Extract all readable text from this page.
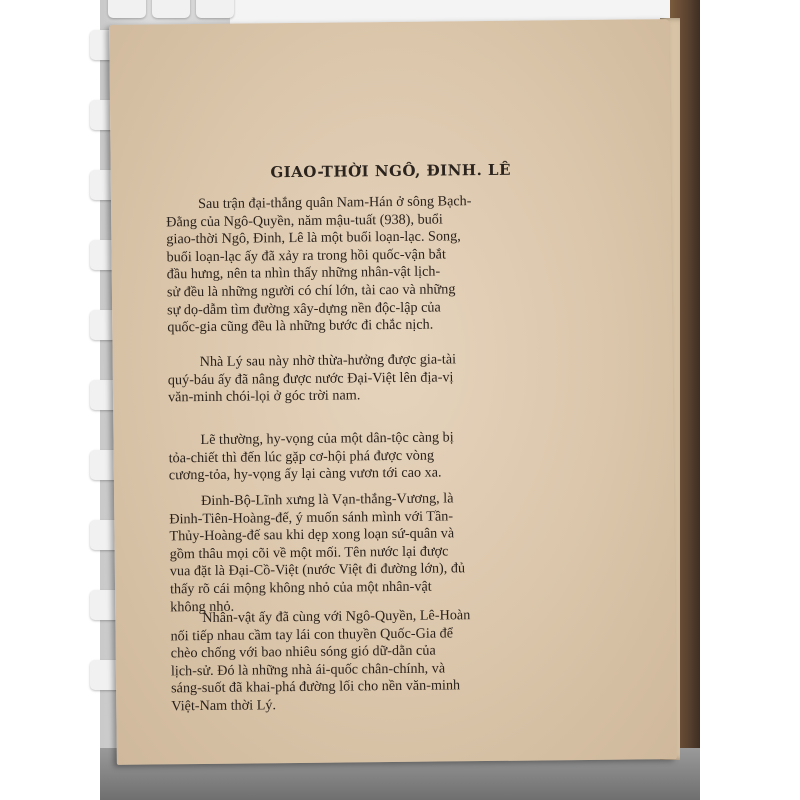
GIAO-THỜI NGÔ, ĐINH. LÊ
Sau trận đại-thắng quân Nam-Hán ở sông Bạch-
Đằng của Ngô-Quyền, năm mậu-tuất (938), buổi
giao-thời Ngô, Đinh, Lê là một buổi loạn-lạc. Song,
buổi loạn-lạc ấy đã xảy ra trong hồi quốc-vận bắt
đầu hưng, nên ta nhìn thấy những nhân-vật lịch-
sử đều là những người có chí lớn, tài cao và những
sự dọ-dẫm tìm đường xây-dựng nền độc-lập của
quốc-gia cũng đều là những bước đi chắc nịch.
Nhà Lý sau này nhờ thừa-hưởng được gia-tài
quý-báu ấy đã nâng được nước Đại-Việt lên địa-vị
văn-minh chói-lọi ở góc trời nam.
Lẽ thường, hy-vọng của một dân-tộc càng bị
tỏa-chiết thì đến lúc gặp cơ-hội phá được vòng
cương-tỏa, hy-vọng ấy lại càng vươn tới cao xa.
Đinh-Bộ-Lĩnh xưng là Vạn-thắng-Vương, là
Đinh-Tiên-Hoàng-đế, ý muốn sánh mình với Tần-
Thủy-Hoàng-đế sau khi dẹp xong loạn sứ-quân và
gồm thâu mọi cõi về một mối. Tên nước lại được
vua đặt là Đại-Cồ-Việt (nước Việt đi đường lớn), đủ
thấy rõ cái mộng không nhỏ của một nhân-vật
không nhỏ.
Nhân-vật ấy đã cùng với Ngô-Quyền, Lê-Hoàn
nối tiếp nhau cầm tay lái con thuyền Quốc-Gia để
chèo chống với bao nhiêu sóng gió dữ-dằn của
lịch-sử. Đó là những nhà ái-quốc chân-chính, và
sáng-suốt đã khai-phá đường lối cho nền văn-minh
Việt-Nam thời Lý.
